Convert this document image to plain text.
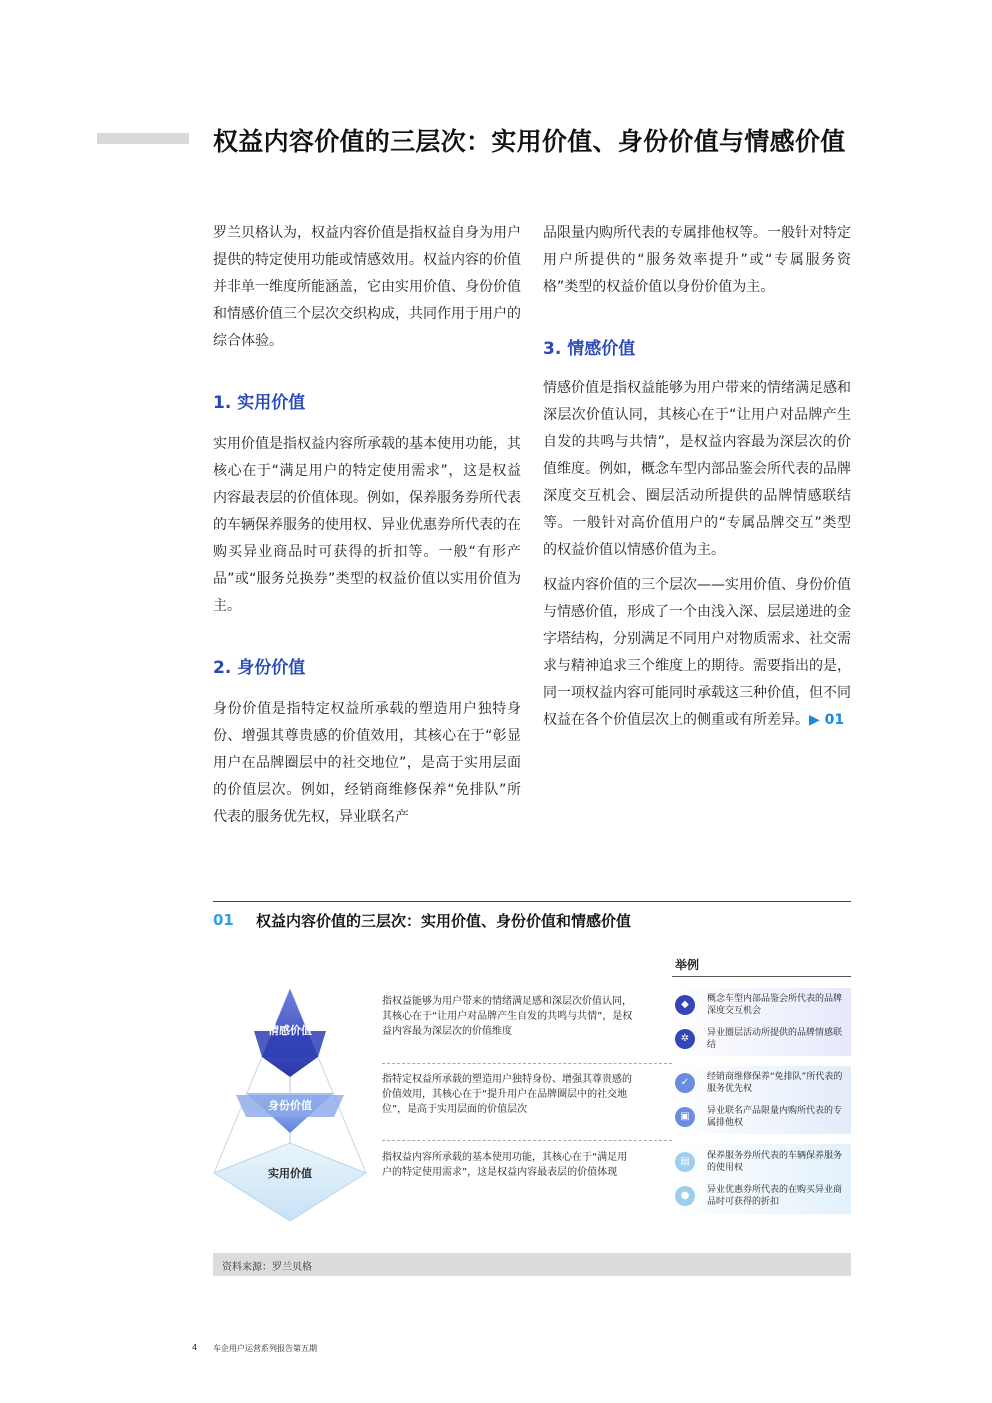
权益内容价值的三层次：实用价值、身份价值与情感价值

罗兰贝格认为，权益内容价值是指权益自身为用户提供的特定使用功能或情感效用。权益内容的价值并非单一维度所能涵盖，它由实用价值、身份价值和情感价值三个层次交织构成，共同作用于用户的综合体验。

1. 实用价值

实用价值是指权益内容所承载的基本使用功能，其核心在于“满足用户的特定使用需求”，这是权益内容最表层的价值体现。例如，保养服务券所代表的车辆保养服务的使用权、异业优惠券所代表的在购买异业商品时可获得的折扣等。一般“有形产品”或“服务兑换券”类型的权益价值以实用价值为主。

2. 身份价值

身份价值是指特定权益所承载的塑造用户独特身份、增强其尊贵感的价值效用，其核心在于“彰显用户在品牌圈层中的社交地位”，是高于实用层面的价值层次。例如，经销商维修保养“免排队”所代表的服务优先权，异业联名产

品限量内购所代表的专属排他权等。一般针对特定用户所提供的“服务效率提升”或“专属服务资格”类型的权益价值以身份价值为主。

3. 情感价值

情感价值是指权益能够为用户带来的情绪满足感和深层次价值认同，其核心在于“让用户对品牌产生自发的共鸣与共情”，是权益内容最为深层次的价值维度。例如，概念车型内部品鉴会所代表的品牌深度交互机会、圈层活动所提供的品牌情感联结等。一般针对高价值用户的“专属品牌交互”类型的权益价值以情感价值为主。

权益内容价值的三个层次——实用价值、身份价值与情感价值，形成了一个由浅入深、层层递进的金字塔结构，分别满足不同用户对物质需求、社交需求与精神追求三个维度上的期待。需要指出的是，同一项权益内容可能同时承载这三种价值，但不同权益在各个价值层次上的侧重或有所差异。▶ 01

01 权益内容价值的三层次：实用价值、身份价值和情感价值
举例
情感价值
身份价值
实用价值

指权益能够为用户带来的情绪满足感和深层次价值认同，其核心在于“让用户对品牌产生自发的共鸣与共情”，是权益内容最为深层次的价值维度

指特定权益所承载的塑造用户独特身份、增强其尊贵感的价值效用，其核心在于“提升用户在品牌圈层中的社交地位”，是高于实用层面的价值层次

指权益内容所承载的基本使用功能，其核心在于“满足用户的特定使用需求”，这是权益内容最表层的价值体现

◆	概念车型内部品鉴会所代表的品牌深度交互机会

✲	异业圈层活动所提供的品牌情感联结

✓	经销商维修保养“免排队”所代表的服务优先权

▣	异业联名产品限量内购所代表的专属排他权

▤	保养服务券所代表的车辆保养服务的使用权

●	异业优惠券所代表的在购买异业商品时可获得的折扣

资料来源：罗兰贝格
4 车企用户运营系列报告第五期
